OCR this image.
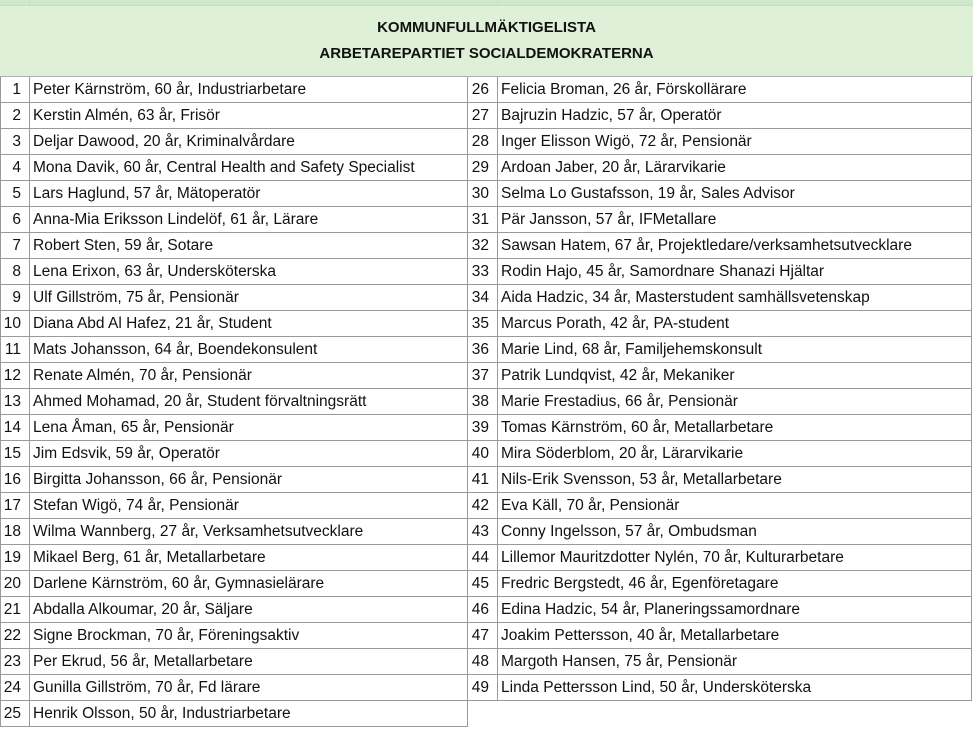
KOMMUNFULLMÄKTIGELISTA
ARBETAREPARTIET SOCIALDEMOKRATERNA
1 Peter Kärnström, 60 år, Industriarbetare	26 Felicia Broman, 26 år, Förskollärare
2 Kerstin Almén, 63 år, Frisör	27 Bajruzin Hadzic, 57 år, Operatör
3 Deljar Dawood, 20 år, Kriminalvårdare	28 Inger Elisson Wigö, 72 år, Pensionär
4 Mona Davik, 60 år, Central Health and Safety Specialist	29 Ardoan Jaber, 20 år, Lärarvikarie
5 Lars Haglund, 57 år, Mätoperatör	30 Selma Lo Gustafsson, 19 år, Sales Advisor
6 Anna-Mia Eriksson Lindelöf, 61 år, Lärare	31 Pär Jansson, 57 år, IFMetallare
7 Robert Sten, 59 år, Sotare	32 Sawsan Hatem, 67 år, Projektledare/verksamhetsutvecklare
8 Lena Erixon, 63 år, Undersköterska	33 Rodin Hajo, 45 år, Samordnare Shanazi Hjältar
9 Ulf Gillström, 75 år, Pensionär	34 Aida Hadzic, 34 år, Masterstudent samhällsvetenskap
10 Diana Abd Al Hafez, 21 år, Student	35 Marcus Porath, 42 år, PA-student
11 Mats Johansson, 64 år, Boendekonsulent	36 Marie Lind, 68 år, Familjehemskonsult
12 Renate Almén, 70 år, Pensionär	37 Patrik Lundqvist, 42 år, Mekaniker
13 Ahmed Mohamad, 20 år, Student förvaltningsrätt	38 Marie Frestadius, 66 år, Pensionär
14 Lena Åman, 65 år, Pensionär	39 Tomas Kärnström, 60 år, Metallarbetare
15 Jim Edsvik, 59 år, Operatör	40 Mira Söderblom, 20 år, Lärarvikarie
16 Birgitta Johansson, 66 år, Pensionär	41 Nils-Erik Svensson, 53 år, Metallarbetare
17 Stefan Wigö, 74 år, Pensionär	42 Eva Käll, 70 år, Pensionär
18 Wilma Wannberg, 27 år, Verksamhetsutvecklare	43 Conny Ingelsson, 57 år, Ombudsman
19 Mikael Berg, 61 år, Metallarbetare	44 Lillemor Mauritzdotter Nylén, 70 år, Kulturarbetare
20 Darlene Kärnström, 60 år, Gymnasielärare	45 Fredric Bergstedt, 46 år, Egenföretagare
21 Abdalla Alkoumar, 20 år, Säljare	46 Edina Hadzic, 54 år, Planeringssamordnare
22 Signe Brockman, 70 år, Föreningsaktiv	47 Joakim Pettersson, 40 år, Metallarbetare
23 Per Ekrud, 56 år, Metallarbetare	48 Margoth Hansen, 75 år, Pensionär
24 Gunilla Gillström, 70 år, Fd lärare	49 Linda Pettersson Lind, 50 år, Undersköterska
25 Henrik Olsson, 50 år, Industriarbetare
